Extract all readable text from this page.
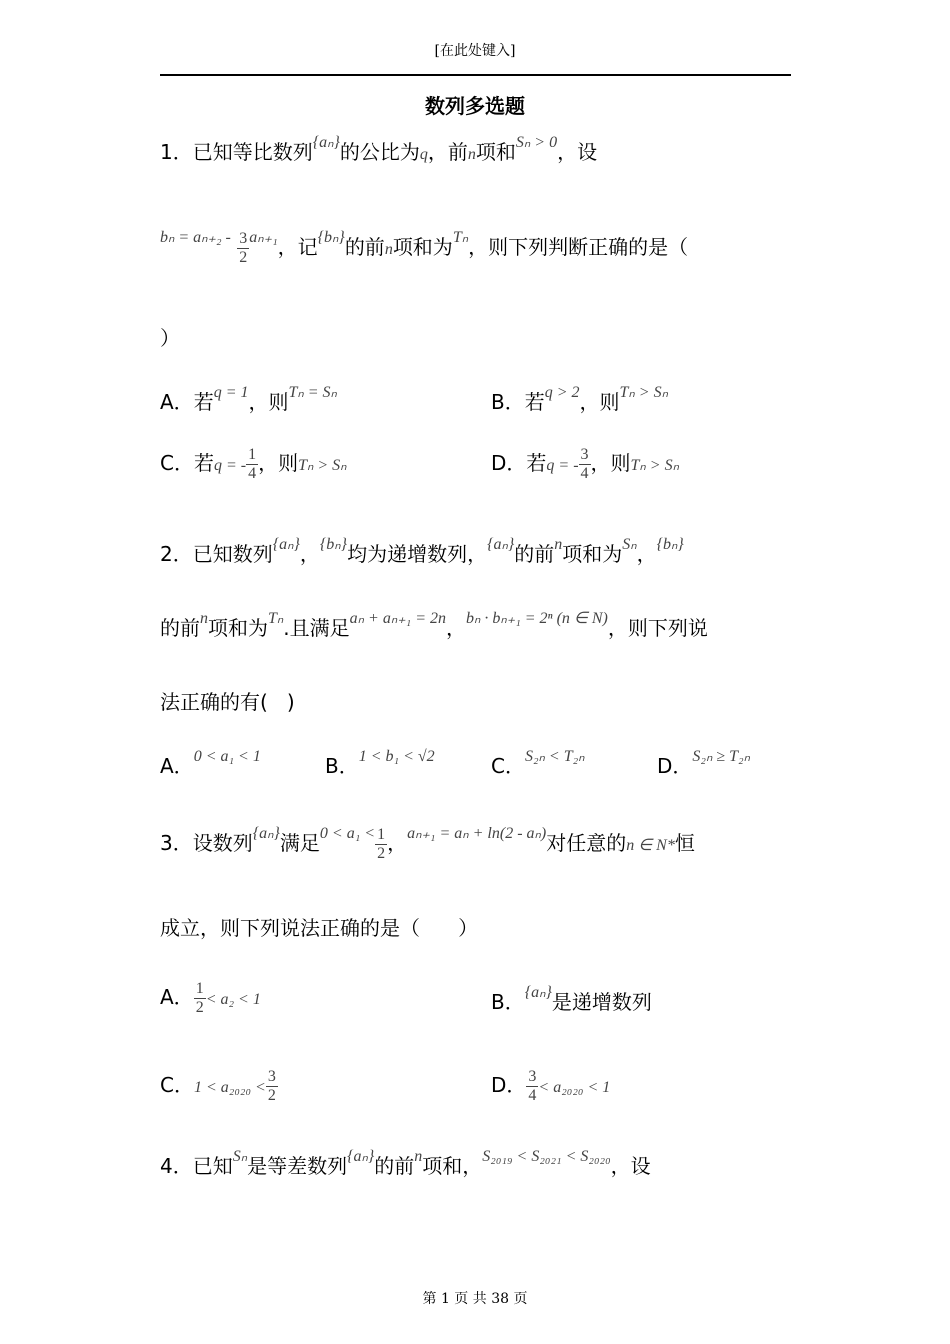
[在此处键入]
数列多选题
1．已知等比数列$^{\{a_n\}}$的公比为q，前n项和$^{S_n > 0}$，设
$^{b_n = a_{n+2} -} \frac{3}{2} ^{a_{n+1}}$，记$^{\{b_n\}}$的前n项和为$^{T_n}$，则下列判断正确的是（
）
A．若$^{q = 1}$，则$^{T_n = S_n}$	B．若$^{q > 2}$，则$^{T_n > S_n}$
C．若q = - $\frac{1}{4}$ ，则Tₙ > Sₙ	D．若q = - $\frac{3}{4}$ ，则Tₙ > Sₙ
2．已知数列$^{\{a_n\}}$，$^{\{b_n\}}$均为递增数列，$^{\{a_n\}}$的前$^n$项和为$^{S_n}$，$^{\{b_n\}}$
的前$^n$项和为$^{T_n}$.且满足$^{a_n + a_{n+1} = 2n}$，$^{b_n \cdot b_{n+1} = 2^n (n \in N)}$，则下列说
法正确的有( )
A．$^{0 < a_1 < 1}$	B．$^{1 < b_1 < √2}$	C．$^{S_{2n} < T_{2n}}$	D．$^{S_{2n} \ge T_{2n}}$
3．设数列$^{\{a_n\}}$满足$^{0 < a_1 <} \frac{1}{2}$ ，$^{a_{n+1} = a_n + ln(2 - a_n)}$对任意的n ∈ N*恒
成立，则下列说法正确的是（ ）
A． $\frac{1}{2} < a_2 < 1$	B．$^{\{a_n\}}$是递增数列
C．$1 < a_{2020} < \frac{3}{2}$	D． $\frac{3}{4} < a_{2020} < 1$
4．已知$^{S_n}$是等差数列$^{\{a_n\}}$的前$^n$项和，$^{S_{2019} < S_{2021} < S_{2020}}$，设
第 1 页 共 38 页
